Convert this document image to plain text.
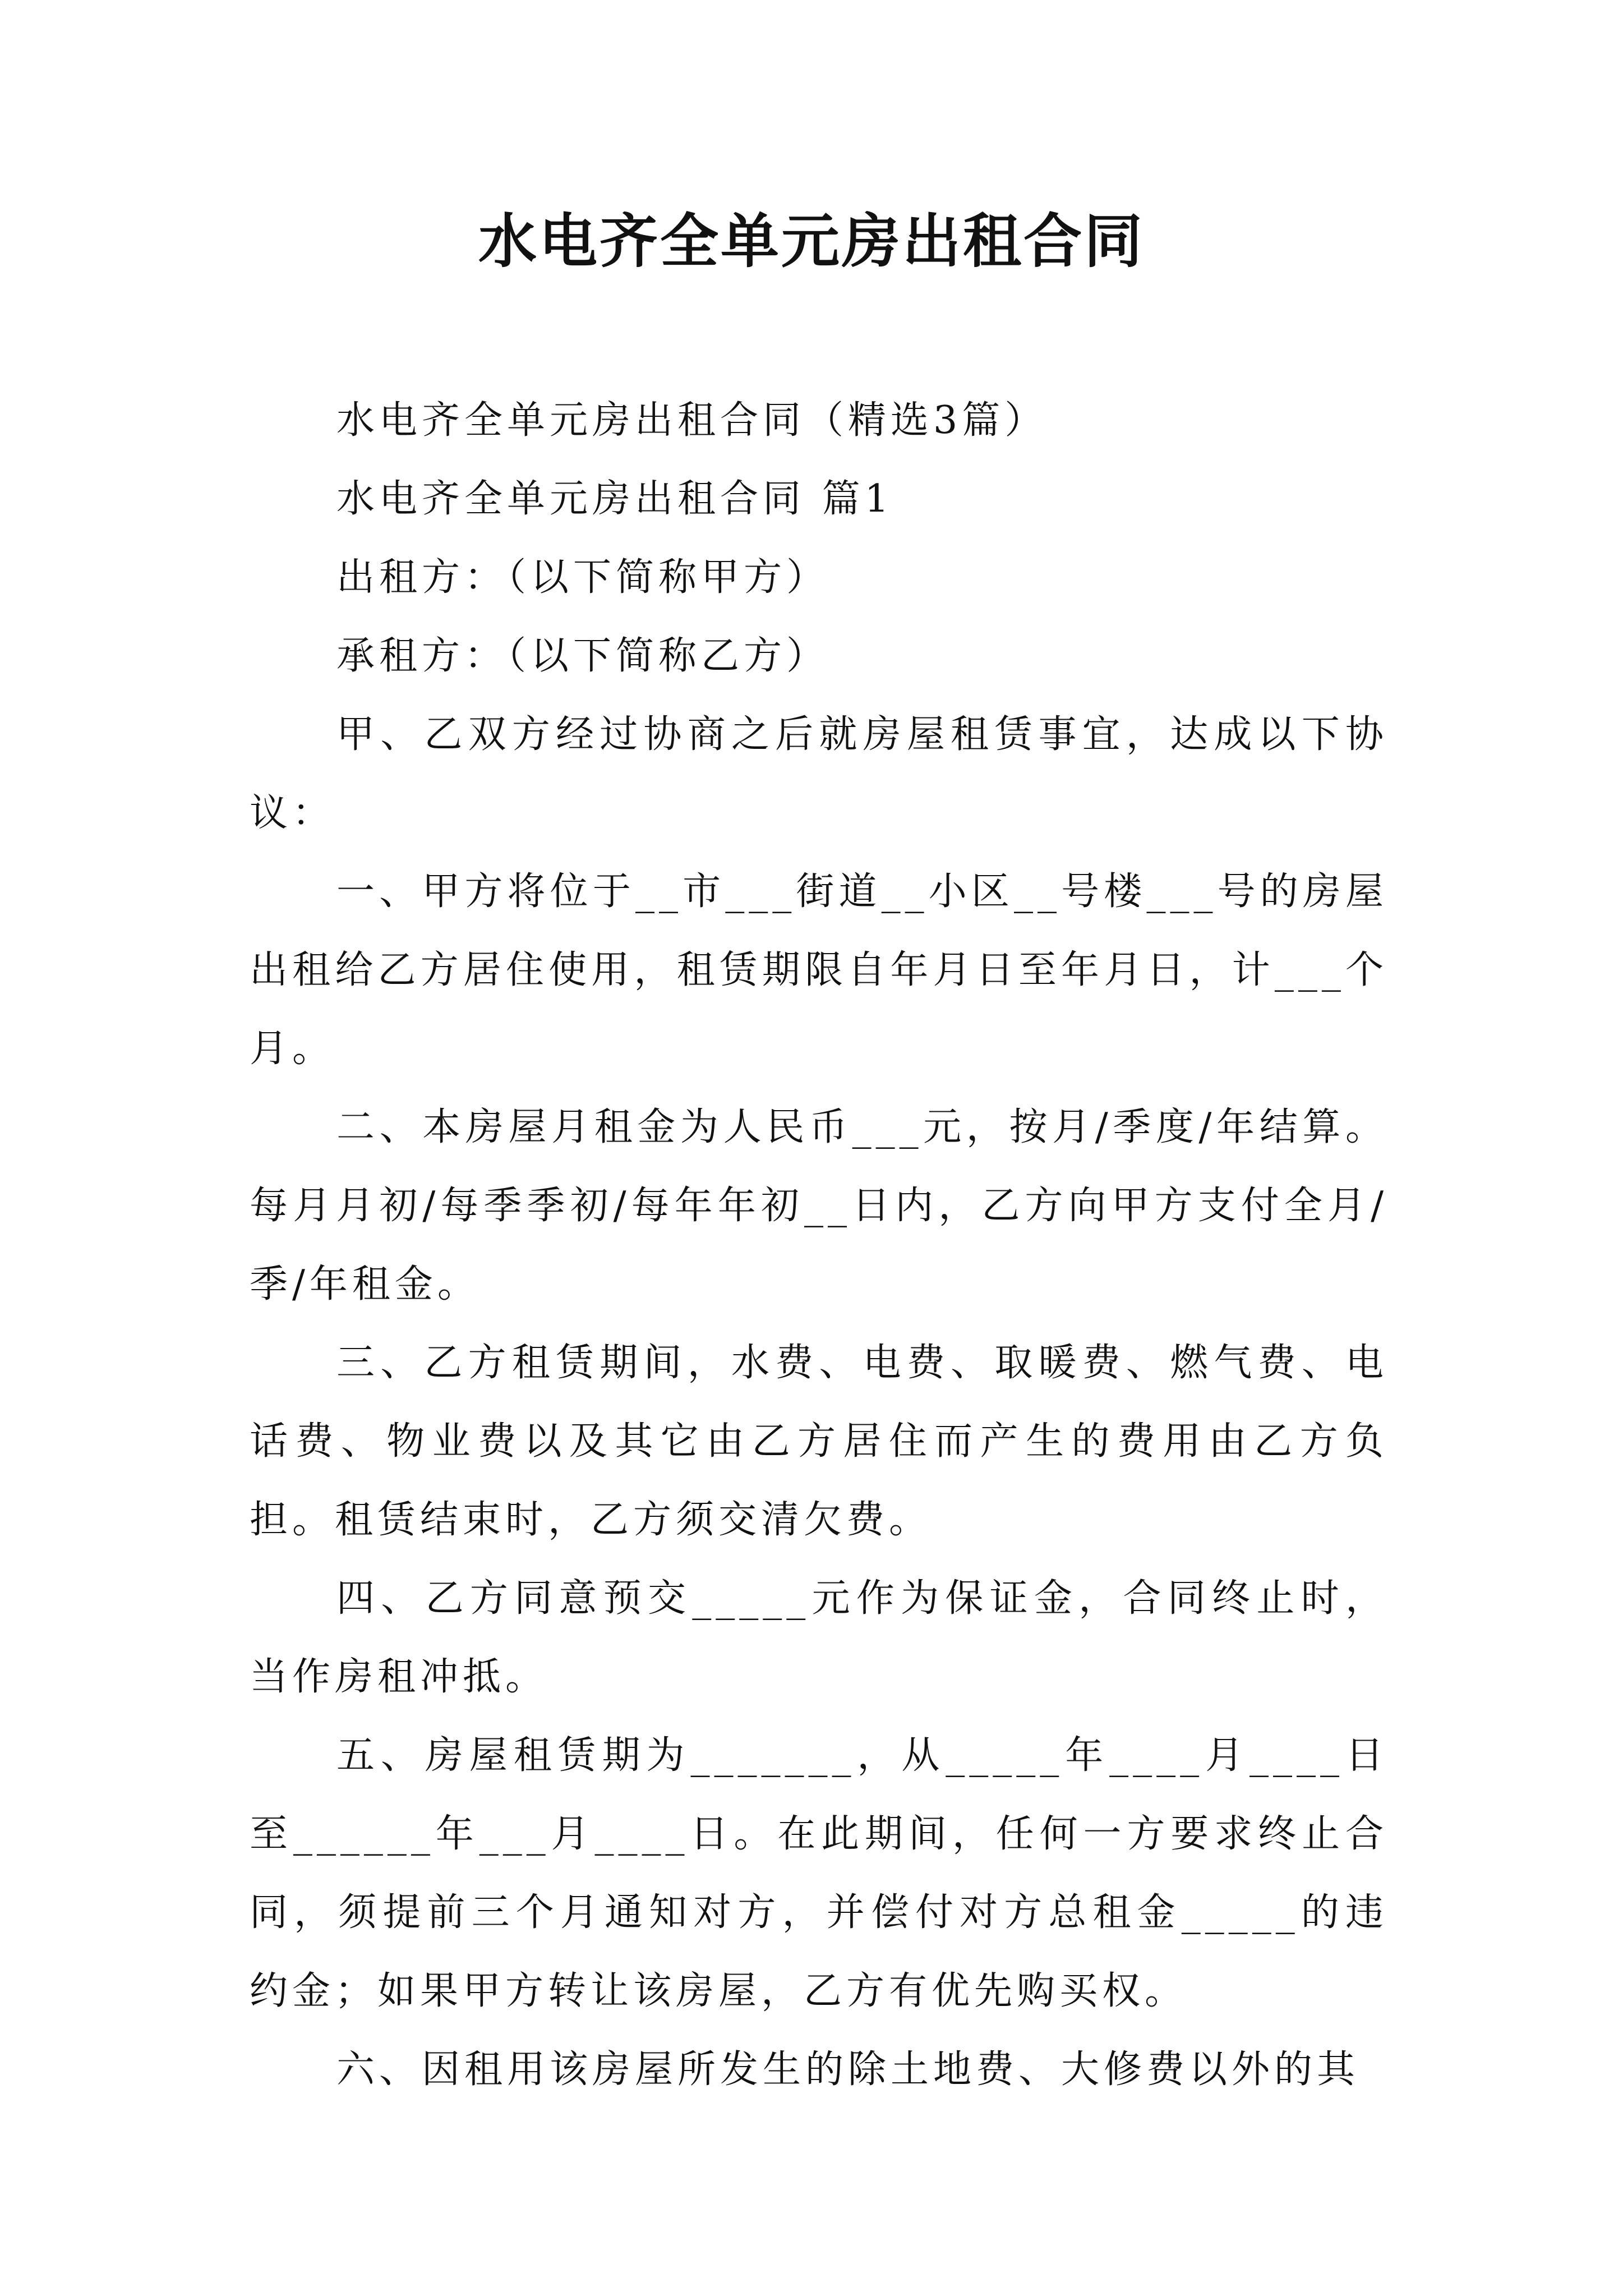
水电齐全单元房出租合同

水电齐全单元房出租合同（精选3篇）

水电齐全单元房出租合同 篇1

出租方：（以下简称甲方）

承租方：（以下简称乙方）

甲、乙双方经过协商之后就房屋租赁事宜，达成以下协议：

一、甲方将位于__市___街道__小区__号楼___号的房屋出租给乙方居住使用，租赁期限自年月日至年月日，计___个月。

二、本房屋月租金为人民币___元，按月/季度/年结算。每月月初/每季季初/每年年初__日内，乙方向甲方支付全月/季/年租金。

三、乙方租赁期间，水费、电费、取暖费、燃气费、电话费、物业费以及其它由乙方居住而产生的费用由乙方负担。租赁结束时，乙方须交清欠费。

四、乙方同意预交_____元作为保证金，合同终止时，当作房租冲抵。

五、房屋租赁期为_______，从_____年____月____日至______年___月____日。在此期间，任何一方要求终止合同，须提前三个月通知对方，并偿付对方总租金_____的违约金；如果甲方转让该房屋，乙方有优先购买权。

六、因租用该房屋所发生的除土地费、大修费以外的其
